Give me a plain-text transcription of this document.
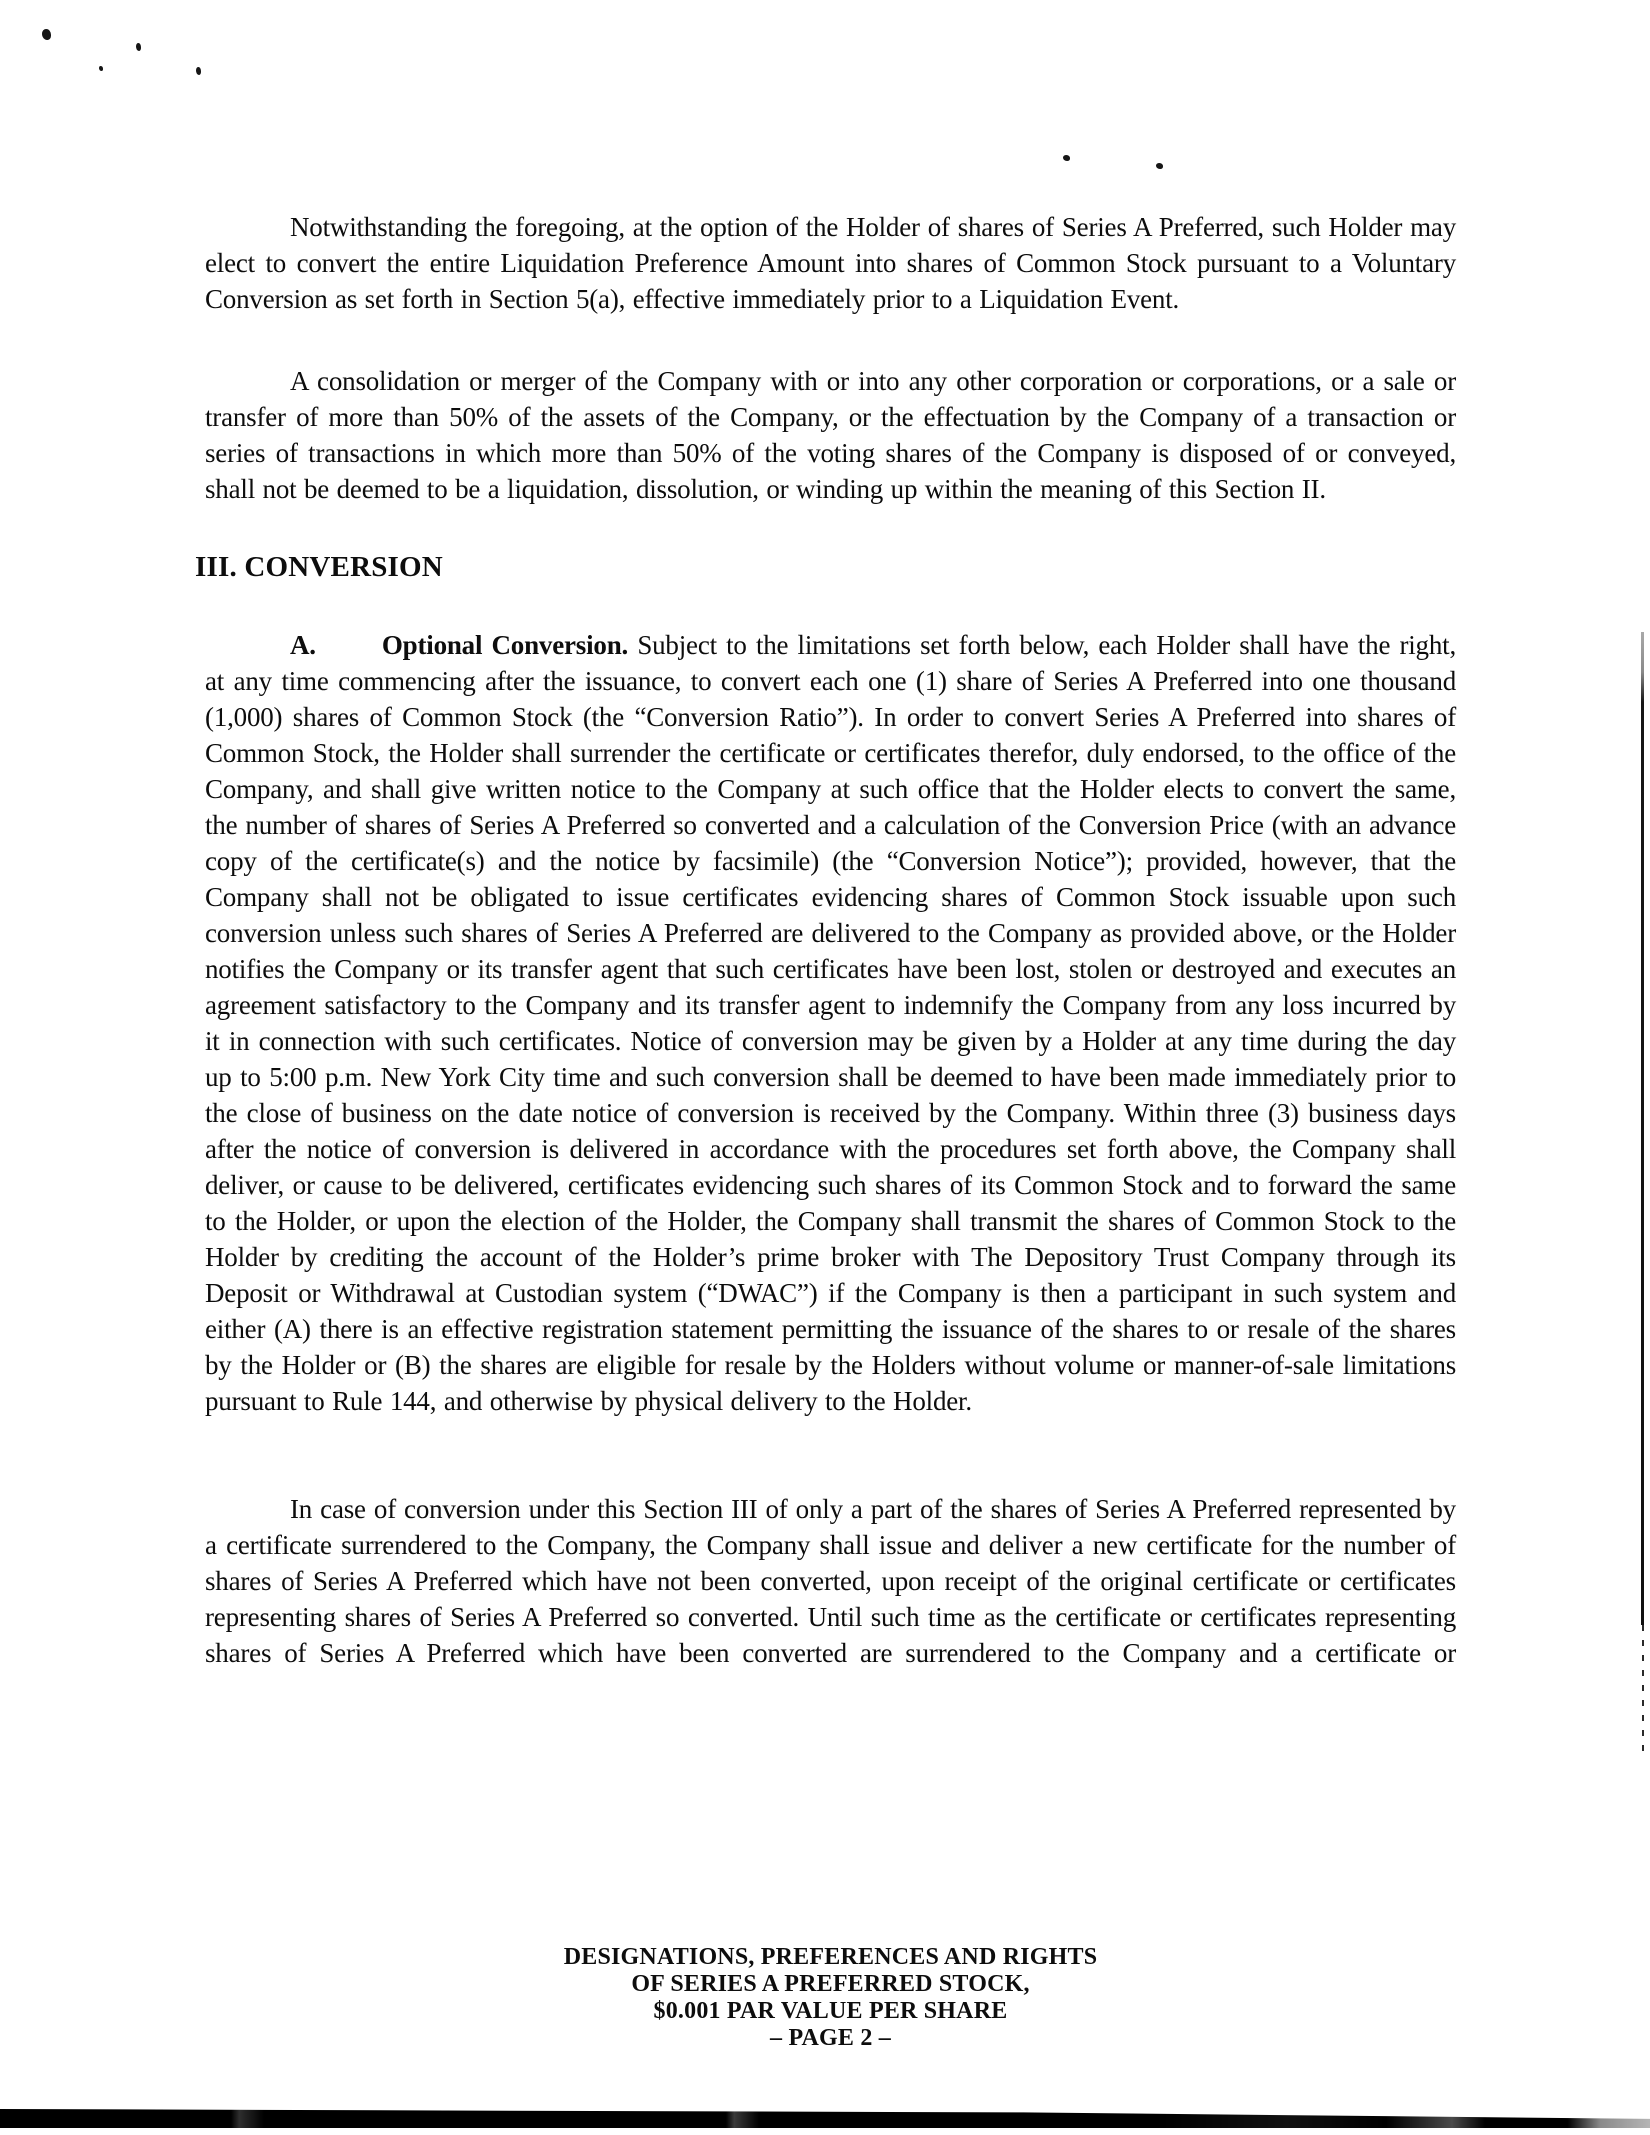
Notwithstanding the foregoing, at the option of the Holder of shares of Series A Preferred, such Holder may elect to convert the entire Liquidation Preference Amount into shares of Common Stock pursuant to a Voluntary Conversion as set forth in Section 5(a), effective immediately prior to a Liquidation Event.

A consolidation or merger of the Company with or into any other corporation or corporations, or a sale or transfer of more than 50% of the assets of the Company, or the effectuation by the Company of a transaction or series of transactions in which more than 50% of the voting shares of the Company is disposed of or conveyed, shall not be deemed to be a liquidation, dissolution, or winding up within the meaning of this Section II.

III. CONVERSION

A. Optional Conversion. Subject to the limitations set forth below, each Holder shall have the right, at any time commencing after the issuance, to convert each one (1) share of Series A Preferred into one thousand (1,000) shares of Common Stock (the “Conversion Ratio”). In order to convert Series A Preferred into shares of Common Stock, the Holder shall surrender the certificate or certificates therefor, duly endorsed, to the office of the Company, and shall give written notice to the Company at such office that the Holder elects to convert the same, the number of shares of Series A Preferred so converted and a calculation of the Conversion Price (with an advance copy of the certificate(s) and the notice by facsimile) (the “Conversion Notice”); provided, however, that the Company shall not be obligated to issue certificates evidencing shares of Common Stock issuable upon such conversion unless such shares of Series A Preferred are delivered to the Company as provided above, or the Holder notifies the Company or its transfer agent that such certificates have been lost, stolen or destroyed and executes an agreement satisfactory to the Company and its transfer agent to indemnify the Company from any loss incurred by it in connection with such certificates. Notice of conversion may be given by a Holder at any time during the day up to 5:00 p.m. New York City time and such conversion shall be deemed to have been made immediately prior to the close of business on the date notice of conversion is received by the Company. Within three (3) business days after the notice of conversion is delivered in accordance with the procedures set forth above, the Company shall deliver, or cause to be delivered, certificates evidencing such shares of its Common Stock and to forward the same to the Holder, or upon the election of the Holder, the Company shall transmit the shares of Common Stock to the Holder by crediting the account of the Holder’s prime broker with The Depository Trust Company through its Deposit or Withdrawal at Custodian system (“DWAC”) if the Company is then a participant in such system and either (A) there is an effective registration statement permitting the issuance of the shares to or resale of the shares by the Holder or (B) the shares are eligible for resale by the Holders without volume or manner-of-sale limitations pursuant to Rule 144, and otherwise by physical delivery to the Holder.

In case of conversion under this Section III of only a part of the shares of Series A Preferred represented by a certificate surrendered to the Company, the Company shall issue and deliver a new certificate for the number of shares of Series A Preferred which have not been converted, upon receipt of the original certificate or certificates representing shares of Series A Preferred so converted. Until such time as the certificate or certificates representing shares of Series A Preferred which have been converted are surrendered to the Company and a certificate or

DESIGNATIONS, PREFERENCES AND RIGHTS
OF SERIES A PREFERRED STOCK,
$0.001 PAR VALUE PER SHARE
– PAGE 2 –
